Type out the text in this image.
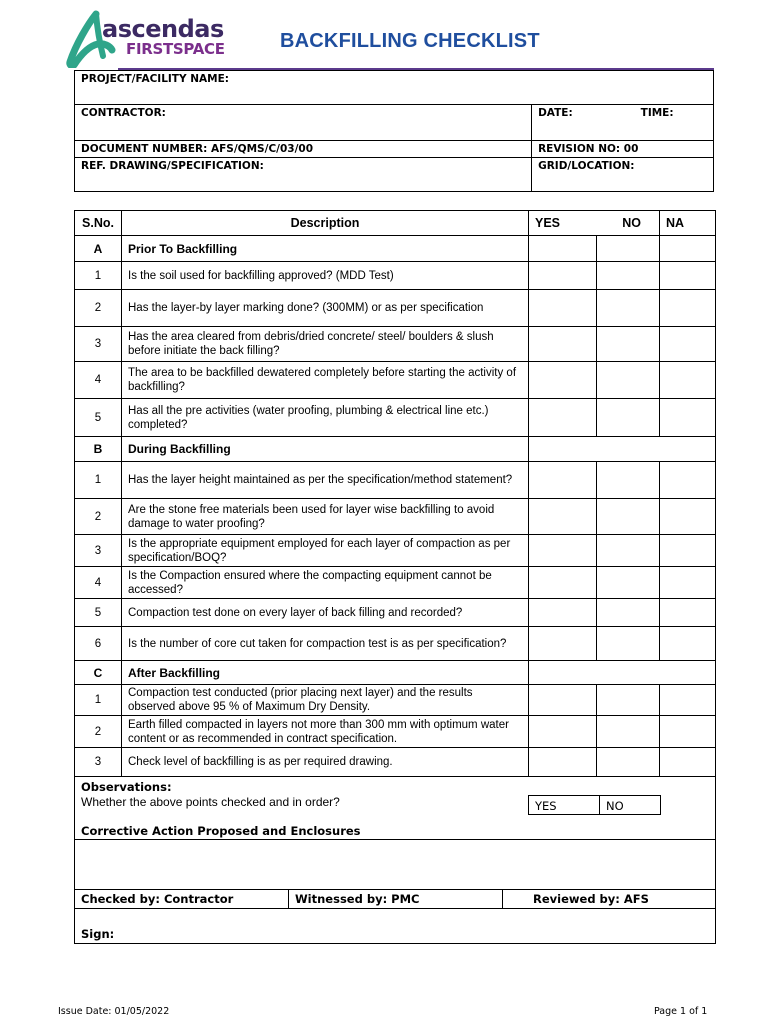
ascendas
FIRSTSPACE	BACKFILLING CHECKLIST
PROJECT/FACILITY NAME:	
CONTRACTOR:	DATE: TIME:
DOCUMENT NUMBER: AFS/QMS/C/03/00	REVISION NO: 00
REF. DRAWING/SPECIFICATION:	GRID/LOCATION:
S.No.	Description	YES NO		NA
A	Prior To Backfilling			
1	Is the soil used for backfilling approved? (MDD Test)			
2	Has the layer-by layer marking done? (300MM) or as per specification			
3	Has the area cleared from debris/dried concrete/ steel/ boulders & slush before initiate the back filling?			
4	The area to be backfilled dewatered completely before starting the activity of backfilling?			
5	Has all the pre activities (water proofing, plumbing & electrical line etc.) completed?			
B	During Backfilling			
1	Has the layer height maintained as per the specification/method statement?			
2	Are the stone free materials been used for layer wise backfilling to avoid damage to water proofing?			
3	Is the appropriate equipment employed for each layer of compaction as per specification/BOQ?			
4	Is the Compaction ensured where the compacting equipment cannot be accessed?			
5	Compaction test done on every layer of back filling and recorded?			
6	Is the number of core cut taken for compaction test is as per specification?			
C	After Backfilling			
1	Compaction test conducted (prior placing next layer) and the results observed above 95 % of Maximum Dry Density.			
2	Earth filled compacted in layers not more than 300 mm with optimum water content or as recommended in contract specification.			
3	Check level of backfilling is as per required drawing.			
Observations:
Whether the above points checked and in order?	YES	NO
Corrective Action Proposed and Enclosures

Checked by: Contractor	Witnessed by: PMC	Reviewed by: AFS
Sign:
Issue Date: 01/05/2022	Page 1 of 1
